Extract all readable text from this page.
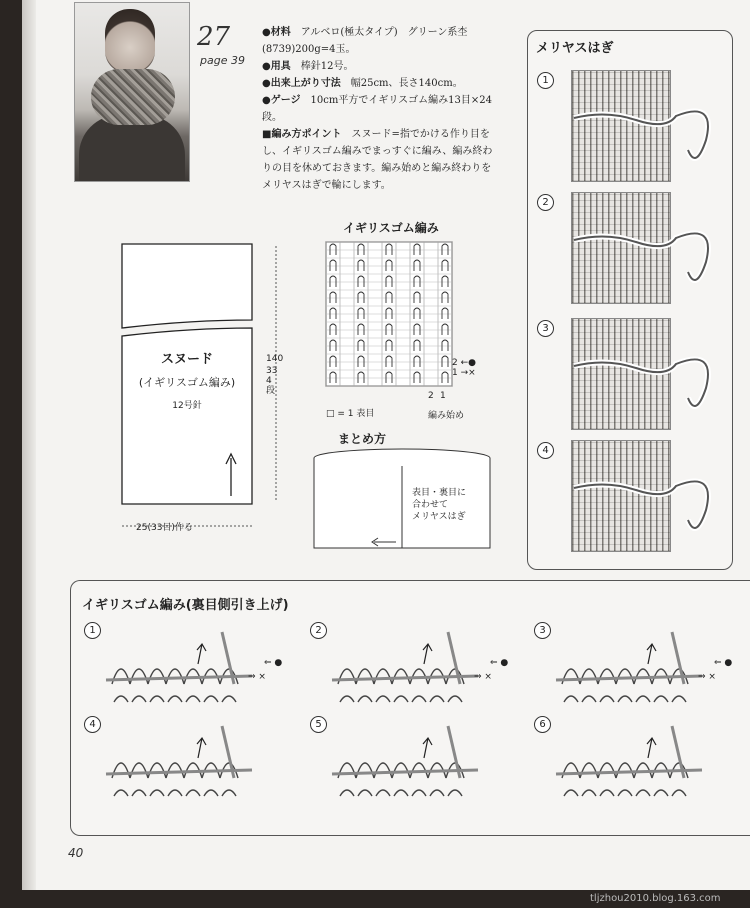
27
page 39
●材料　 アルベロ(極太タイプ)　グリーン系杢(8739)200g=4玉。
●用具　 棒針12号。
●出来上がり寸法　 幅25cm、長さ140cm。
●ゲージ　 10cm平方でイギリスゴム編み13目×24段。
■編み方ポイント　 スヌード=指でかける作り目をし、イギリスゴム編みでまっすぐに編み、編み終わりの目を休めておきます。編み始めと編み終わりをメリヤスはぎで輪にします。
スヌード
(イギリスゴム編み)
12号針
140
334段
25(33目)作る
イギリスゴム編み
2 ←●
1 →×
2 1
□ = 1 表目	編み始め
まとめ方
表目・裏目に
合わせて
メリヤスはぎ
メリヤスはぎ
1
2
3
4
イギリスゴム編み(裏目側引き上げ)
1
⇐ ●
⇒ ×
2
⇐ ●
⇒ ×
3
⇐ ●
⇒ ×
4	5	6
40
tljzhou2010.blog.163.com
